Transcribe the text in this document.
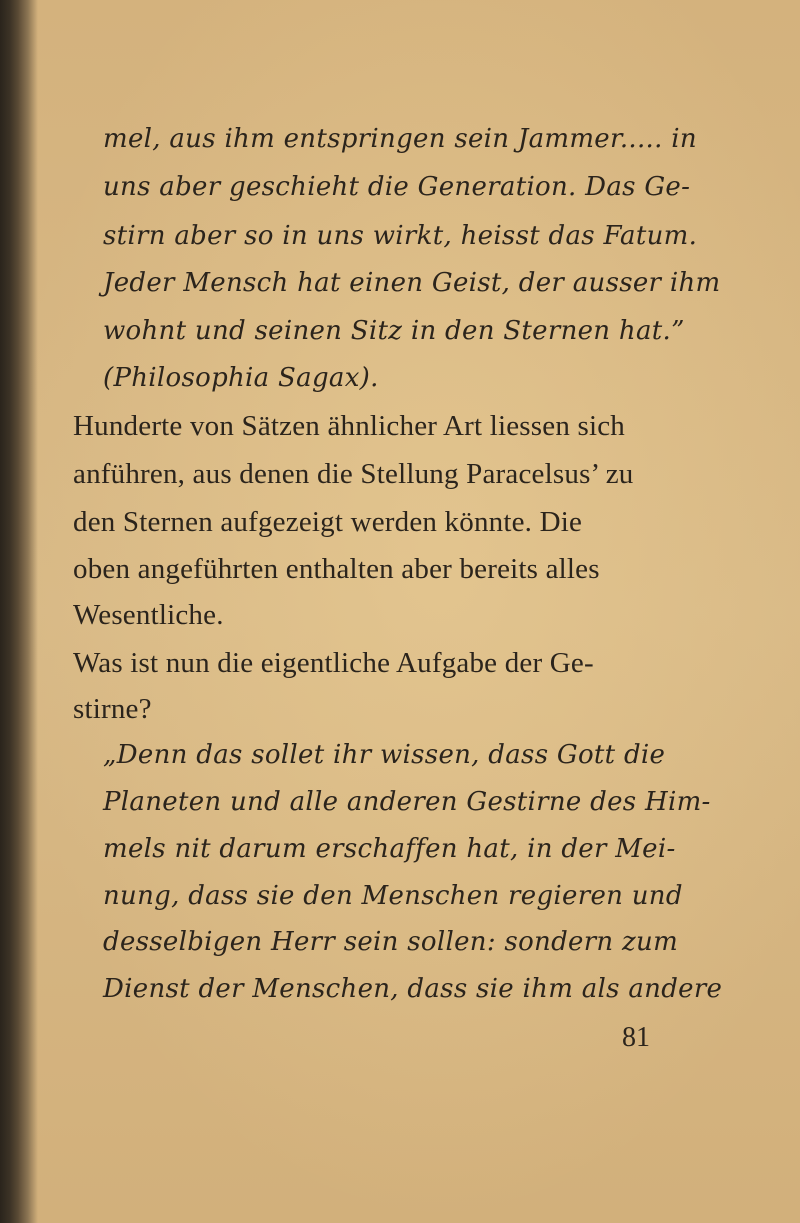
mel, aus ihm entspringen sein Jammer..... in

uns aber geschieht die Generation. Das Ge-

stirn aber so in uns wirkt, heisst das Fatum.

Jeder Mensch hat einen Geist, der ausser ihm

wohnt und seinen Sitz in den Sternen hat.”

(Philosophia Sagax).

Hunderte von Sätzen ähnlicher Art liessen sich

anführen, aus denen die Stellung Paracelsus’ zu

den Sternen aufgezeigt werden könnte. Die

oben angeführten enthalten aber bereits alles

Wesentliche.

Was ist nun die eigentliche Aufgabe der Ge-

stirne?

„Denn das sollet ihr wissen, dass Gott die

Planeten und alle anderen Gestirne des Him-

mels nit darum erschaffen hat, in der Mei-

nung, dass sie den Menschen regieren und

desselbigen Herr sein sollen: sondern zum

Dienst der Menschen, dass sie ihm als andere

81
